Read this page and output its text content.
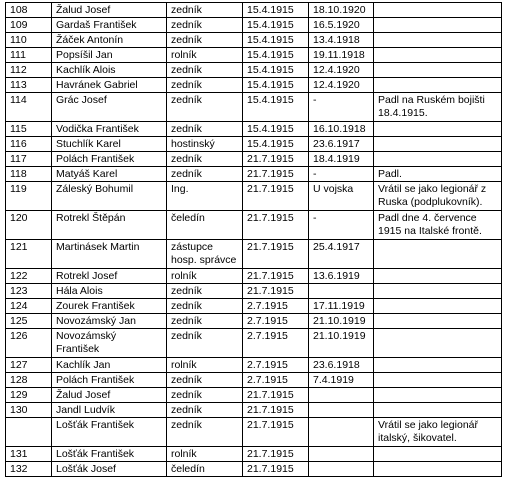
108	Žalud Josef	zedník	15.4.1915	18.10.1920	
109	Gardaš František	zedník	15.4.1915	16.5.1920	
110	Žáček Antonín	zedník	15.4.1915	13.4.1918	
111	Popsíšil Jan	rolník	15.4.1915	19.11.1918	
112	Kachlík Alois	zedník	15.4.1915	12.4.1920	
113	Havránek Gabriel	zedník	15.4.1915	12.4.1920	
114	Grác Josef	zedník	15.4.1915	-	Padl na Ruském bojišti 18.4.1915.
115	Vodička František	zedník	15.4.1915	16.10.1918	
116	Stuchlík Karel	hostinský	15.4.1915	23.6.1917	
117	Polách František	zedník	21.7.1915	18.4.1919	
118	Matyáš Karel	zedník	21.7.1915	-	Padl.
119	Záleský Bohumil	Ing.	21.7.1915	U vojska	Vrátil se jako legionář z Ruska (podplukovník).
120	Rotrekl Štěpán	čeledín	21.7.1915	-	Padl dne 4. července 1915 na Italské frontě.
121	Martinásek Martin	zástupce hosp. správce	21.7.1915	25.4.1917	
122	Rotrekl Josef	rolník	21.7.1915	13.6.1919	
123	Hála Alois	zedník	21.7.1915		
124	Zourek František	zedník	2.7.1915	17.11.1919	
125	Novozámský Jan	zedník	2.7.1915	21.10.1919	
126	Novozámský František	zedník	2.7.1915	21.10.1919	
127	Kachlík Jan	rolník	2.7.1915	23.6.1918	
128	Polách František	zedník	2.7.1915	7.4.1919	
129	Žalud Josef	zedník	21.7.1915		
130	Jandl Ludvík	zedník	21.7.1915		
	Lošťák František	zedník	21.7.1915		Vrátil se jako legionář italský, šikovatel.
131	Lošťák František	rolník	21.7.1915		
132	Lošťák Josef	čeledín	21.7.1915		
